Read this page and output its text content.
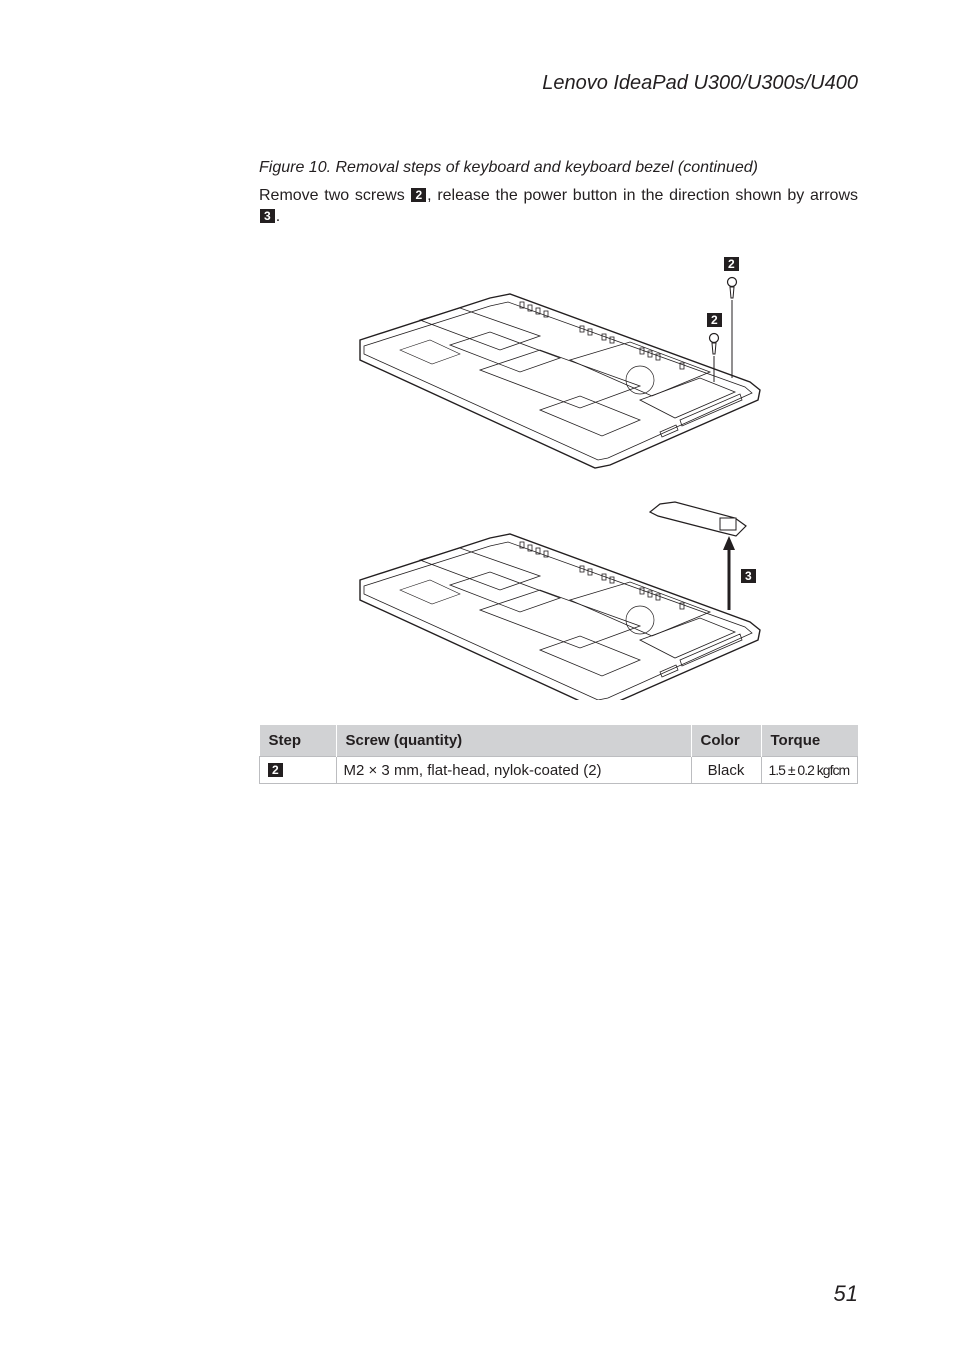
Lenovo IdeaPad U300/U300s/U400
Figure 10. Removal steps of keyboard and keyboard bezel (continued)
Remove two screws 2 , release the power button in the direction shown by arrows 3 .
2
2
3
Step	Screw (quantity)	Color	Torque
2	M2 × 3 mm, flat-head, nylok-coated (2)	Black	1.5 ± 0.2 kgfcm
51
